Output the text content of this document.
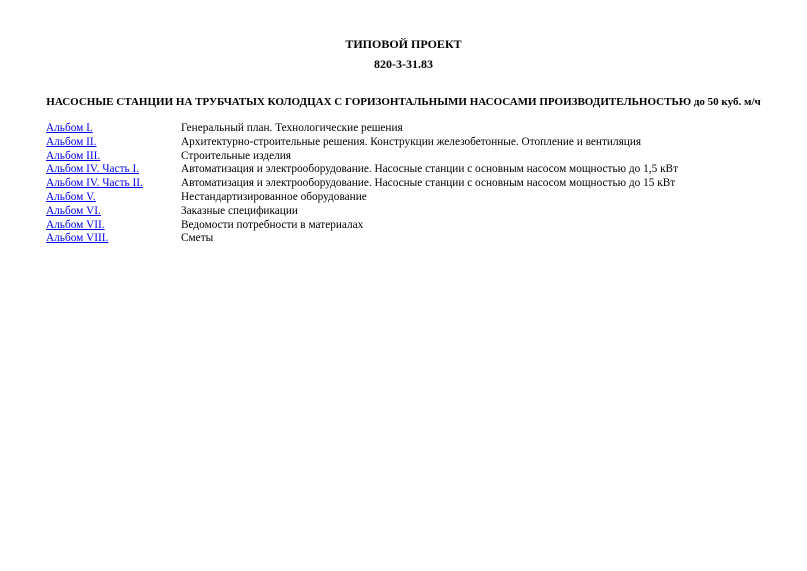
ТИПОВОЙ ПРОЕКТ
820-3-31.83
НАСОСНЫЕ СТАНЦИИ НА ТРУБЧАТЫХ КОЛОДЦАХ С ГОРИЗОНТАЛЬНЫМИ НАСОСАМИ ПРОИЗВОДИТЕЛЬНОСТЬЮ до 50 куб. м/ч
Альбом I.	Генеральный план. Технологические решения
Альбом II.	Архитектурно-строительные решения. Конструкции железобетонные. Отопление и вентиляция
Альбом III.	Строительные изделия
Альбом IV. Часть I.	Автоматизация и электрооборудование. Насосные станции с основным насосом мощностью до 1,5 кВт
Альбом IV. Часть II.	Автоматизация и электрооборудование. Насосные станции с основным насосом мощностью до 15 кВт
Альбом V.	Нестандартизированное оборудование
Альбом VI.	Заказные спецификации
Альбом VII.	Ведомости потребности в материалах
Альбом VIII.	Сметы
